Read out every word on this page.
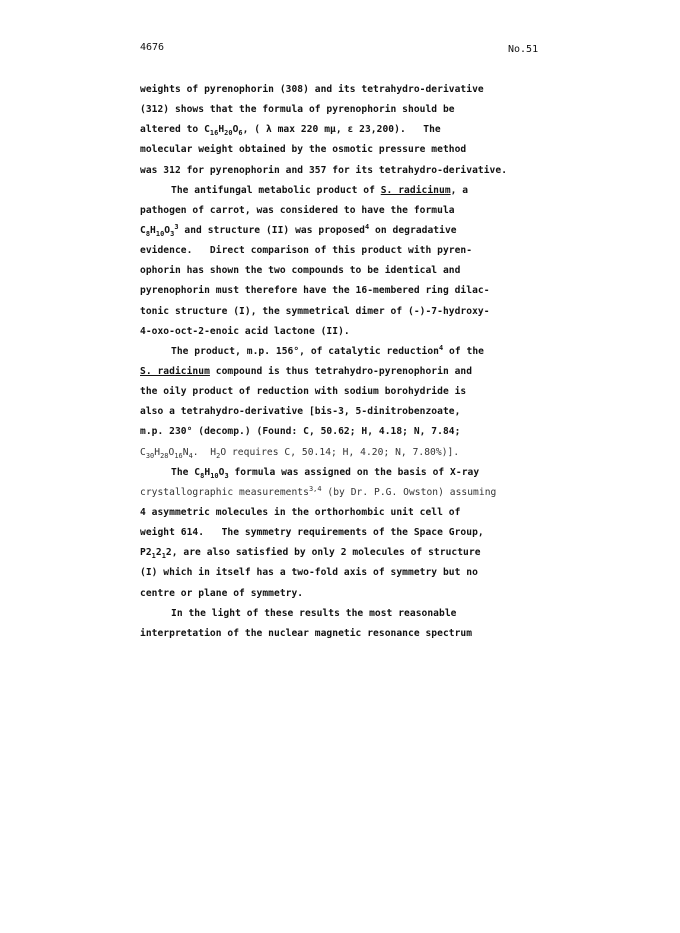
4676	No.51
weights of pyrenophorin (308) and its tetrahydro-derivative
(312) shows that the formula of pyrenophorin should be
altered to $C_{16}H_{20}O_6$, ( λ max 220 mμ, ε 23,200).   The
molecular weight obtained by the osmotic pressure method
was 312 for pyrenophorin and 357 for its tetrahydro-derivative.
The antifungal metabolic product of S. radicinum, a
pathogen of carrot, was considered to have the formula
$C_8H_{10}O_3^3$ and structure (II) was proposed$^4$ on degradative
evidence.   Direct comparison of this product with pyren-
ophorin has shown the two compounds to be identical and
pyrenophorin must therefore have the 16-membered ring dilac-
tonic structure (I), the symmetrical dimer of (-)-7-hydroxy-
4-oxo-oct-2-enoic acid lactone (II).
The product, m.p. 156°, of catalytic reduction$^4$ of the
S. radicinum compound is thus tetrahydro-pyrenophorin and
the oily product of reduction with sodium borohydride is
also a tetrahydro-derivative [bis-3, 5-dinitrobenzoate,
m.p. 230° (decomp.) (Found: C, 50.62; H, 4.18; N, 7.84;
$C_{30}H_{28}O_{16}N_4$.  $H_2O$ requires C, 50.14; H, 4.20; N, 7.80%)].
The $C_8H_{10}O_3$ formula was assigned on the basis of X-ray
crystallographic measurements$^{3,4}$ (by Dr. P.G. Owston) assuming
4 asymmetric molecules in the orthorhombic unit cell of
weight 614.   The symmetry requirements of the Space Group,
$P2_12_12$, are also satisfied by only 2 molecules of structure
(I) which in itself has a two-fold axis of symmetry but no
centre or plane of symmetry.
In the light of these results the most reasonable
interpretation of the nuclear magnetic resonance spectrum
